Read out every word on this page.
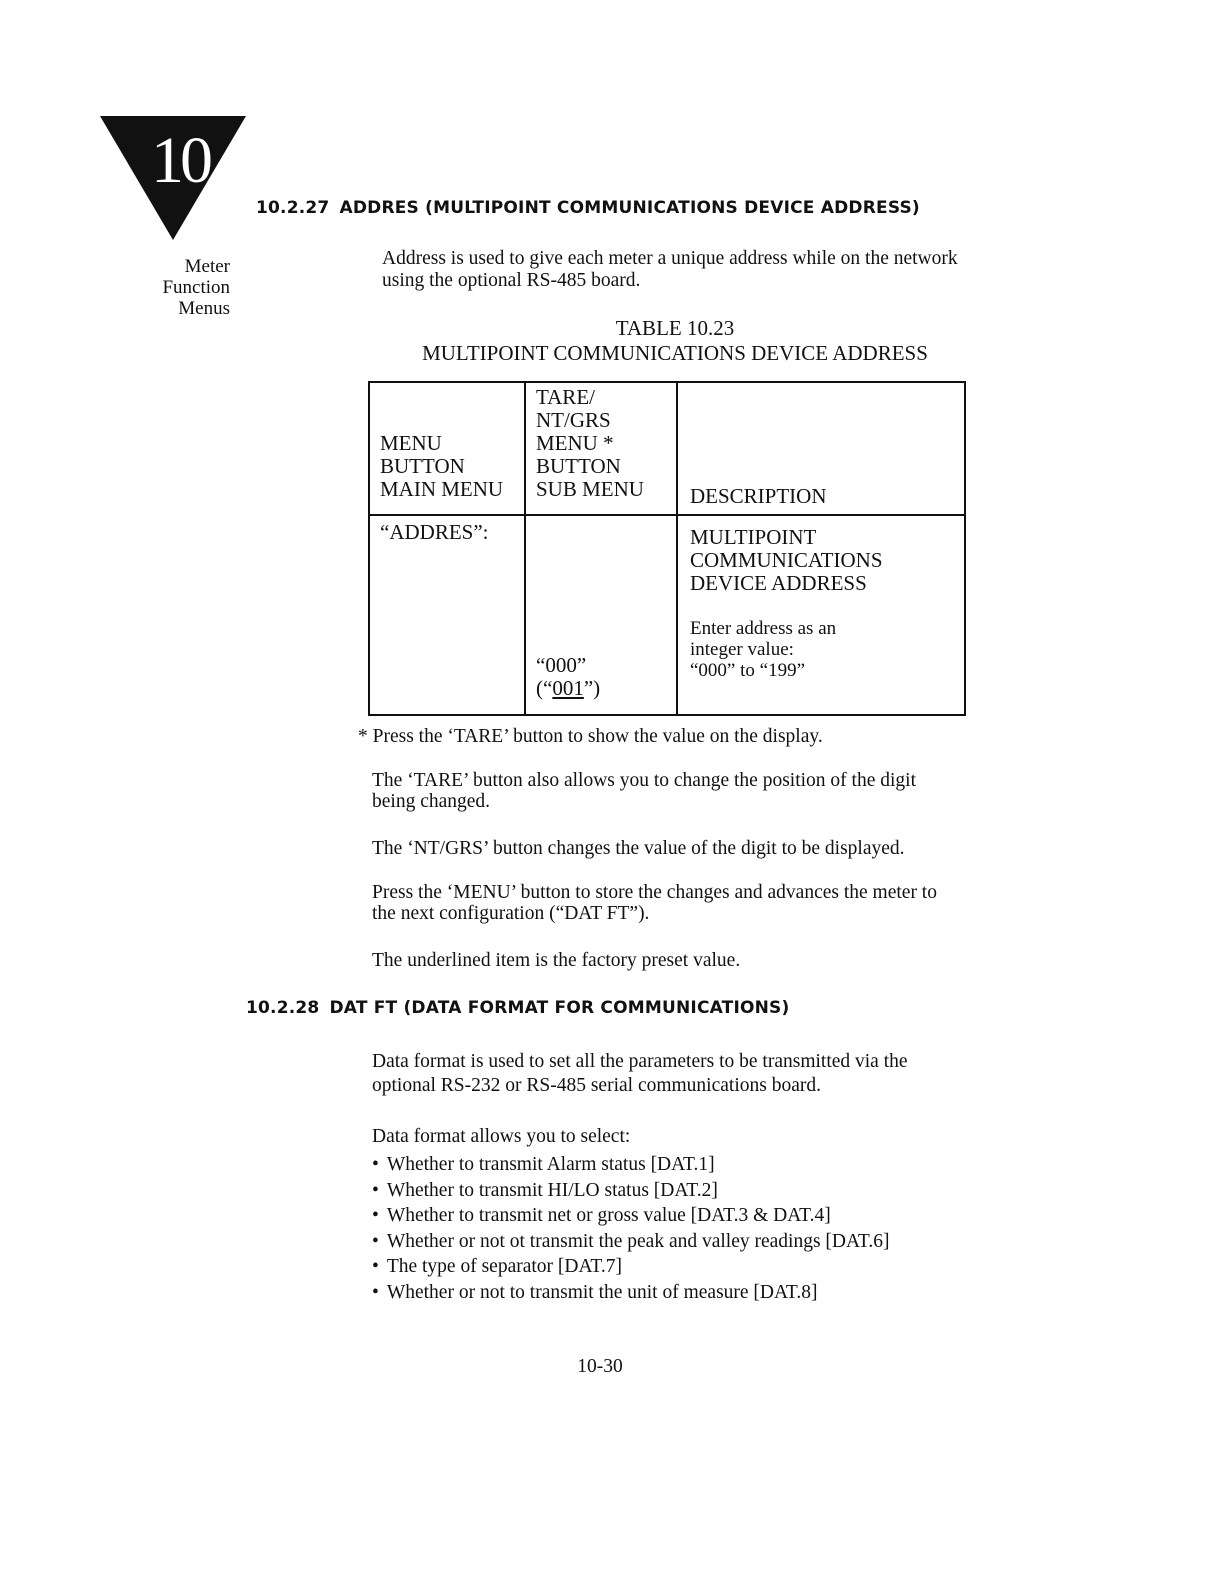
10
Meter Function Menus
10.2.27 ADDRES (MULTIPOINT COMMUNICATIONS DEVICE ADDRESS)
Address is used to give each meter a unique address while on the network using the optional RS-485 board.
TABLE 10.23
MULTIPOINT COMMUNICATIONS DEVICE ADDRESS
MENU
BUTTON
MAIN MENU
TARE/
NT/GRS
MENU *
BUTTON
SUB MENU DESCRIPTION
“ADDRES”:
“000”
(“001”)
MULTIPOINT
COMMUNICATIONS
DEVICE ADDRESS
Enter address as an
integer value:
“000” to “199”
* Press the ‘TARE’ button to show the value on the display.
The ‘TARE’ button also allows you to change the position of the digit being changed.
The ‘NT/GRS’ button changes the value of the digit to be displayed.
Press the ‘MENU’ button to store the changes and advances the meter to the next configuration (“DAT FT”).
The underlined item is the factory preset value.
10.2.28 DAT FT (DATA FORMAT FOR COMMUNICATIONS)
Data format is used to set all the parameters to be transmitted via the optional RS-232 or RS-485 serial communications board.
Data format allows you to select:
• Whether to transmit Alarm status [DAT.1]
• Whether to transmit HI/LO status [DAT.2]
• Whether to transmit net or gross value [DAT.3 & DAT.4]
• Whether or not ot transmit the peak and valley readings [DAT.6]
• The type of separator [DAT.7]
• Whether or not to transmit the unit of measure [DAT.8]
10-30
